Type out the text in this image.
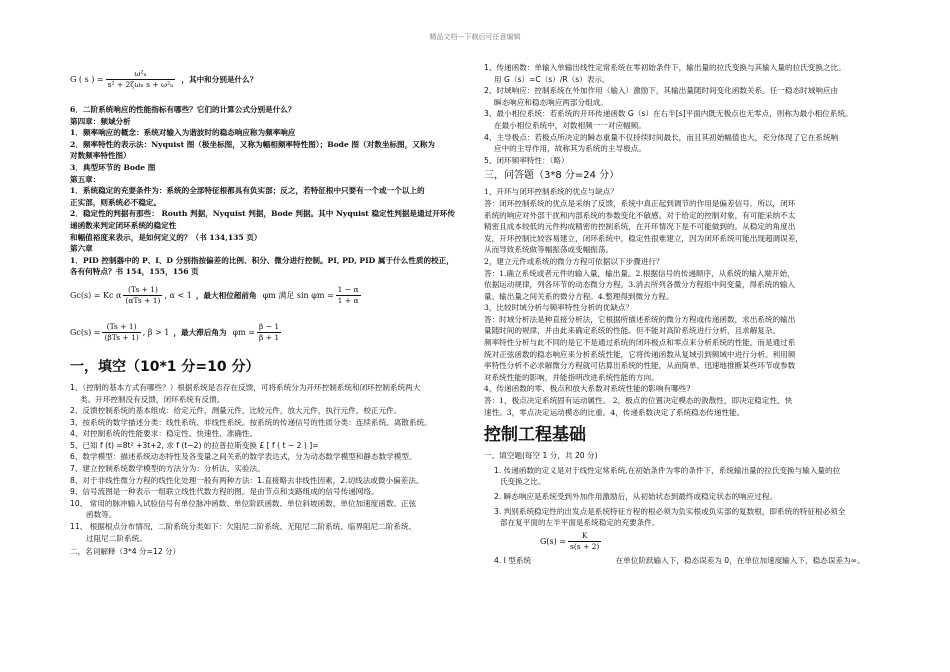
精品文档---下载后可任意编辑
G ( s ) = $\frac{\text{ω²ₙ}}{\text{s² + 2ζωₙ s + ω²ₙ}}$ ，其中和分别是什么？
6．二阶系统响应的性能指标有哪些？它们的计算公式分别是什么？
第四章：频域分析
1．频率响应的概念：系统对输入为谐波时的稳态响应称为频率响应
2．频率特性的表示法：Nyquist 图（极坐标图，又称为幅相频率特性图）；Bode 图（对数坐标图，又称为
对数频率特性图）
3．典型环节的 Bode 图
第五章：
1．系统稳定的充要条件为：系统的全部特征根都具有负实部；反之，若特征根中只要有一个或一个以上的
正实部，则系统必不稳定。
2．稳定性的判据有那些： Routh 判据，Nyquist 判据，Bode 判据。其中 Nyquist 稳定性判据是通过开环传
递函数来判定闭环系统的稳定性
和幅值裕度来表示，是如何定义的？（书 134,135 页）
第六章
1．PID 控制器中的 P、I、D 分别指按偏差的比例、积分、微分进行控制。PI, PD, PID 属于什么性质的校正，
各有何特点？书 154，155，156 页
Gc(s) = Kc α $\frac{(Ts + 1)}{\text{(αTs + 1)}}$ , α < 1 ，最大相位超前角 φm 满足 $\sin \varphi m = \frac{1 - \alpha}{1 + \alpha}$
$Gc(s) = \frac{(Ts + 1)}{\text{(βTs + 1)}}$ , β > 1 ，最大滞后角为 $\varphi m = \frac{\beta - 1}{\beta + 1}$
一，填空（10*1 分=10 分）
1、（控制的基本方式有哪些？）根据系统是否存在反馈，可将系统分为开环控制系统和闭环控制系统两大
类。开环控制没有反馈，闭环系统有反馈。
2、反馈控制系统的基本组成：给定元件，测量元件，比较元件，放大元件，执行元件，校正元件。
3、按系统的数学描述分类：线性系统、非线性系统。按系统的传递信号的性质分类：连续系统、离散系统。
4、对控制系统的性能要求：稳定性、快速性、准确性。
5、已知 f (t) =8t² +3t+2, 求 f (t−2) 的拉普拉斯变换 £ [ f ( t − 2 ) ]=
6、数学模型：描述系统动态特性及各变量之间关系的数学表达式，分为动态数学模型和静态数学模型。
7、建立控制系统数学模型的方法分为：分析法、实验法。
8、对于非线性微分方程的线性化处理一般有两种方法：1.直接略去非线性因素，2.切线法或微小偏差法。
9、信号流图是一种表示一组联立线性代数方程的图。是由节点和支路组成的信号传递网络。
10、 常用的脉冲输入试验信号有单位脉冲函数、单位阶跃函数、单位斜坡函数、单位加速度函数、正弦
函数等。
11、 根据根点分布情况，二阶系统分类如下：欠阻尼二阶系统、无阻尼二阶系统、临界阻尼二阶系统、
过阻尼二阶系统。
二，名词解释（3*4 分=12 分）
1、传递函数：单输入单输出线性定常系统在零初始条件下，输出量的拉氏变换与其输入量的拉氏变换之比。
用 G（s）=C（s）/R（s）表示。
2、时域响应：控制系统在外加作用（输入）激励下，其输出量随时间变化函数关系。任一稳态时域响应由
瞬态响应和稳态响应两部分组成。
3、最小相位系统：若系统的开环传递函数 G（s）在右半[s]平面内既无极点也无零点，则称为最小相位系统。
在最小相位系统中，对数相频一一对应幅频。
4、主导极点：若极点所决定的瞬态重量不仅持续时间最长，而且其初始幅值也大，充分体现了它在系统响
应中的主导作用，故称其为系统的主导极点。
5、闭环频率特性：（略）
三，问答题（3*8 分=24 分）
1，开环与闭环控制系统的优点与缺点？
答：闭环控制系统的优点是采纳了反馈，系统中真正起到调节的作用是偏差信号。所以，闭环
系统的响应对外部干扰和内部系统的参数变化不敏感。对于给定的控制对象，有可能采纳不太
精密且成本较低的元件构成精密的控制系统，在开环情况下是不可能做到的。从稳定的角度出
发，开环控制比较容易建立，闭环系统中，稳定性很难建立，因为闭环系统可能出现超调误差，
从而导致系统做等幅振荡或变幅振荡。
2，建立元件或系统的微分方程可依据以下步骤进行？
答：1.确立系统或者元件的输入量，输出量。2.根据信号的传递顺序，从系统的输入端开始，
依据运动规律，列各环节的动态微分方程。3.消去所列各微分方程组中间变量，得系统的输入
量、输出量之间关系的微分方程。4.整理得到微分方程。
3，比较时域分析与频率特性分析的优缺点？
答：时域分析法是种直接分析法，它根据所描述系统的微分方程或传递函数，求出系统的输出
量随时间的规律，并由此来确定系统的性能。但不能对高阶系统进行分析，且求解复杂。
频率特性分析与此不同的是它不是通过系统的闭环极点和零点来分析系统的性能，而是通过系
统对正弦函数的稳态响应来分析系统性能，它将传递函数从复域引到频域中进行分析。利用频
率特性分析不必求解微分方程就可估算出系统的性能，从而简单、迅速地推断某些环节或参数
对系统性能的影响，并能指明改进系统性能的方向。
4，传递函数的零、极点和放大系数对系统性能的影响有哪些?
答：1，极点决定系统固有运动属性。 2，极点的位置决定模态的敛散性，即决定稳定性、快
速性。3，零点决定运动模态的比重。4，传递系数决定了系统稳态传递性能。
控制工程基础
一、填空题(每空 1 分，共 20 分)
1. 传递函数的定义是对于线性定常系统,在初始条件为零的条件下，系统输出量的拉氏变换与输入量的拉
氏变换之比。
2. 瞬态响应是系统受到外加作用激励后，从初始状态到最终或稳定状态的响应过程。
3. 判别系统稳定性的出发点是系统特征方程的根必须为负实根或负实部的复数根，即系统的特征根必须全
部在复平面的左半平面是系统稳定的充要条件。
$G(s) = \frac{K}{s(s + 2)}$
4. I 型系统                                   在单位阶跃输入下，稳态误差为 0，在单位加速度输入下，稳态误差为∞。
